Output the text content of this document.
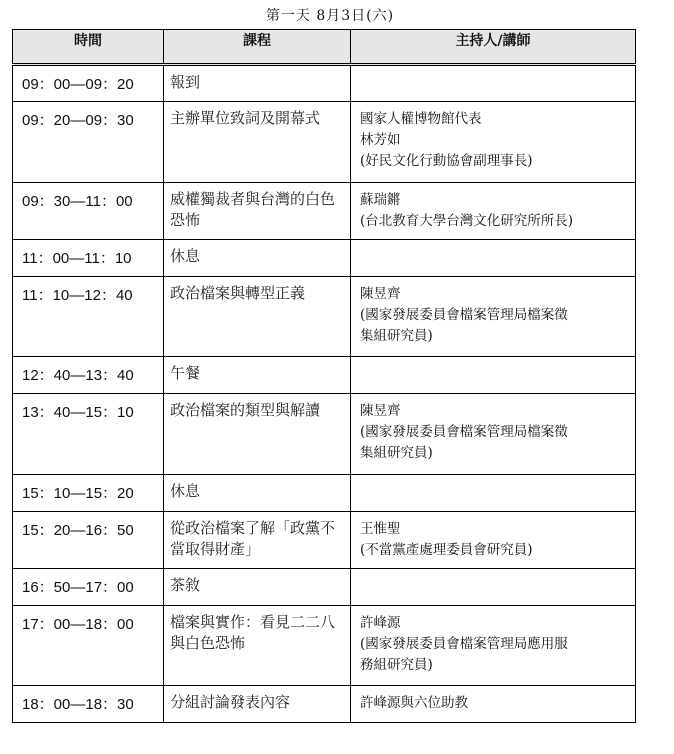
第一天 8月3日(六)
時間	課程	主持人/講師
09：00—09：20	報到	
09：20—09：30	主辦單位致詞及開幕式	國家人權博物館代表
林芳如
(好民文化行動協會副理事長)

09：30—11：00	威權獨裁者與台灣的白色恐怖	蘇瑞鏘
(台北教育大學台灣文化研究所所長)

11：00—11：10	休息	
11：10—12：40	政治檔案與轉型正義	陳昱齊
(國家發展委員會檔案管理局檔案徵
集組研究員)

12：40—13：40	午餐	
13：40—15：10	政治檔案的類型與解讀	陳昱齊
(國家發展委員會檔案管理局檔案徵
集組研究員)

15：10—15：20	休息	
15：20—16：50	從政治檔案了解「政黨不當取得財產」	王惟聖
(不當黨產處理委員會研究員)

16：50—17：00	茶敘	
17：00—18：00	檔案與實作：看見二二八與白色恐怖	許峰源
(國家發展委員會檔案管理局應用服
務組研究員)

18：00—18：30	分組討論發表內容	許峰源與六位助教
